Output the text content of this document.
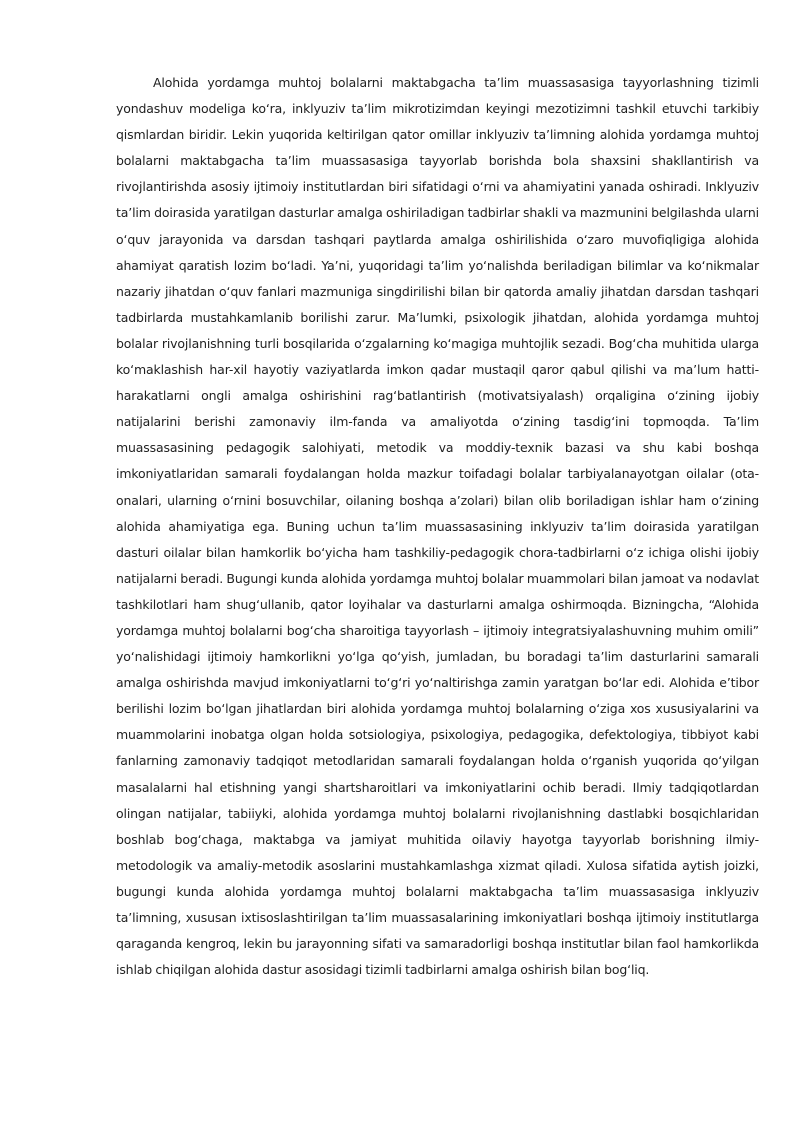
Alohida yordamga muhtoj bolalarni maktabgacha ta’lim muassasasiga tayyorlashning tizimli yondashuv modeliga ko‘ra, inklyuziv ta’lim mikrotizimdan keyingi mezotizimni tashkil etuvchi tarkibiy qismlardan biridir. Lekin yuqorida keltirilgan qator omillar inklyuziv ta’limning alohida yordamga muhtoj bolalarni maktabgacha ta’lim muassasasiga tayyorlab borishda bola shaxsini shakllantirish va rivojlantirishda asosiy ijtimoiy institutlardan biri sifatidagi o‘rni va ahamiyatini yanada oshiradi. Inklyuziv ta’lim doirasida yaratilgan dasturlar amalga oshiriladigan tadbirlar shakli va mazmunini belgilashda ularni o‘quv jarayonida va darsdan tashqari paytlarda amalga oshirilishida o‘zaro muvofiqligiga alohida ahamiyat qaratish lozim bo‘ladi. Ya’ni, yuqoridagi ta’lim yo‘nalishda beriladigan bilimlar va ko‘nikmalar nazariy jihatdan o‘quv fanlari mazmuniga singdirilishi bilan bir qatorda amaliy jihatdan darsdan tashqari tadbirlarda mustahkamlanib borilishi zarur. Ma’lumki, psixologik jihatdan, alohida yordamga muhtoj bolalar rivojlanishning turli bosqilarida o‘zgalarning ko‘magiga muhtojlik sezadi. Bog‘cha muhitida ularga ko‘maklashish har-xil hayotiy vaziyatlarda imkon qadar mustaqil qaror qabul qilishi va ma’lum hatti-harakatlarni ongli amalga oshirishini rag‘batlantirish (motivatsiyalash) orqaligina o‘zining ijobiy natijalarini berishi zamonaviy ilm-fanda va amaliyotda o‘zining tasdig‘ini topmoqda. Ta’lim muassasasining pedagogik salohiyati, metodik va moddiy-texnik bazasi va shu kabi boshqa imkoniyatlaridan samarali foydalangan holda mazkur toifadagi bolalar tarbiyalanayotgan oilalar (ota-onalari, ularning o‘rnini bosuvchilar, oilaning boshqa a’zolari) bilan olib boriladigan ishlar ham o‘zining alohida ahamiyatiga ega. Buning uchun ta’lim muassasasining inklyuziv ta’lim doirasida yaratilgan dasturi oilalar bilan hamkorlik bo‘yicha ham tashkiliy-pedagogik chora-tadbirlarni o‘z ichiga olishi ijobiy natijalarni beradi. Bugungi kunda alohida yordamga muhtoj bolalar muammolari bilan jamoat va nodavlat tashkilotlari ham shug‘ullanib, qator loyihalar va dasturlarni amalga oshirmoqda. Bizningcha, “Alohida yordamga muhtoj bolalarni bog‘cha sharoitiga tayyorlash – ijtimoiy integratsiyalashuvning muhim omili” yo‘nalishidagi ijtimoiy hamkorlikni yo‘lga qo‘yish, jumladan, bu boradagi ta’lim dasturlarini samarali amalga oshirishda mavjud imkoniyatlarni to‘g‘ri yo‘naltirishga zamin yaratgan bo‘lar edi. Alohida e’tibor berilishi lozim bo‘lgan jihatlardan biri alohida yordamga muhtoj bolalarning o‘ziga xos xususiyalarini va muammolarini inobatga olgan holda sotsiologiya, psixologiya, pedagogika, defektologiya, tibbiyot kabi fanlarning zamonaviy tadqiqot metodlaridan samarali foydalangan holda o‘rganish yuqorida qo‘yilgan masalalarni hal etishning yangi shartsharoitlari va imkoniyatlarini ochib beradi. Ilmiy tadqiqotlardan olingan natijalar, tabiiyki, alohida yordamga muhtoj bolalarni rivojlanishning dastlabki bosqichlaridan boshlab bog‘chaga, maktabga va jamiyat muhitida oilaviy hayotga tayyorlab borishning ilmiy-metodologik va amaliy-metodik asoslarini mustahkamlashga xizmat qiladi. Xulosa sifatida aytish joizki, bugungi kunda alohida yordamga muhtoj bolalarni maktabgacha ta’lim muassasasiga inklyuziv ta’limning, xususan ixtisoslashtirilgan ta’lim muassasalarining imkoniyatlari boshqa ijtimoiy institutlarga qaraganda kengroq, lekin bu jarayonning sifati va samaradorligi boshqa institutlar bilan faol hamkorlikda ishlab chiqilgan alohida dastur asosidagi tizimli tadbirlarni amalga oshirish bilan bog‘liq.
